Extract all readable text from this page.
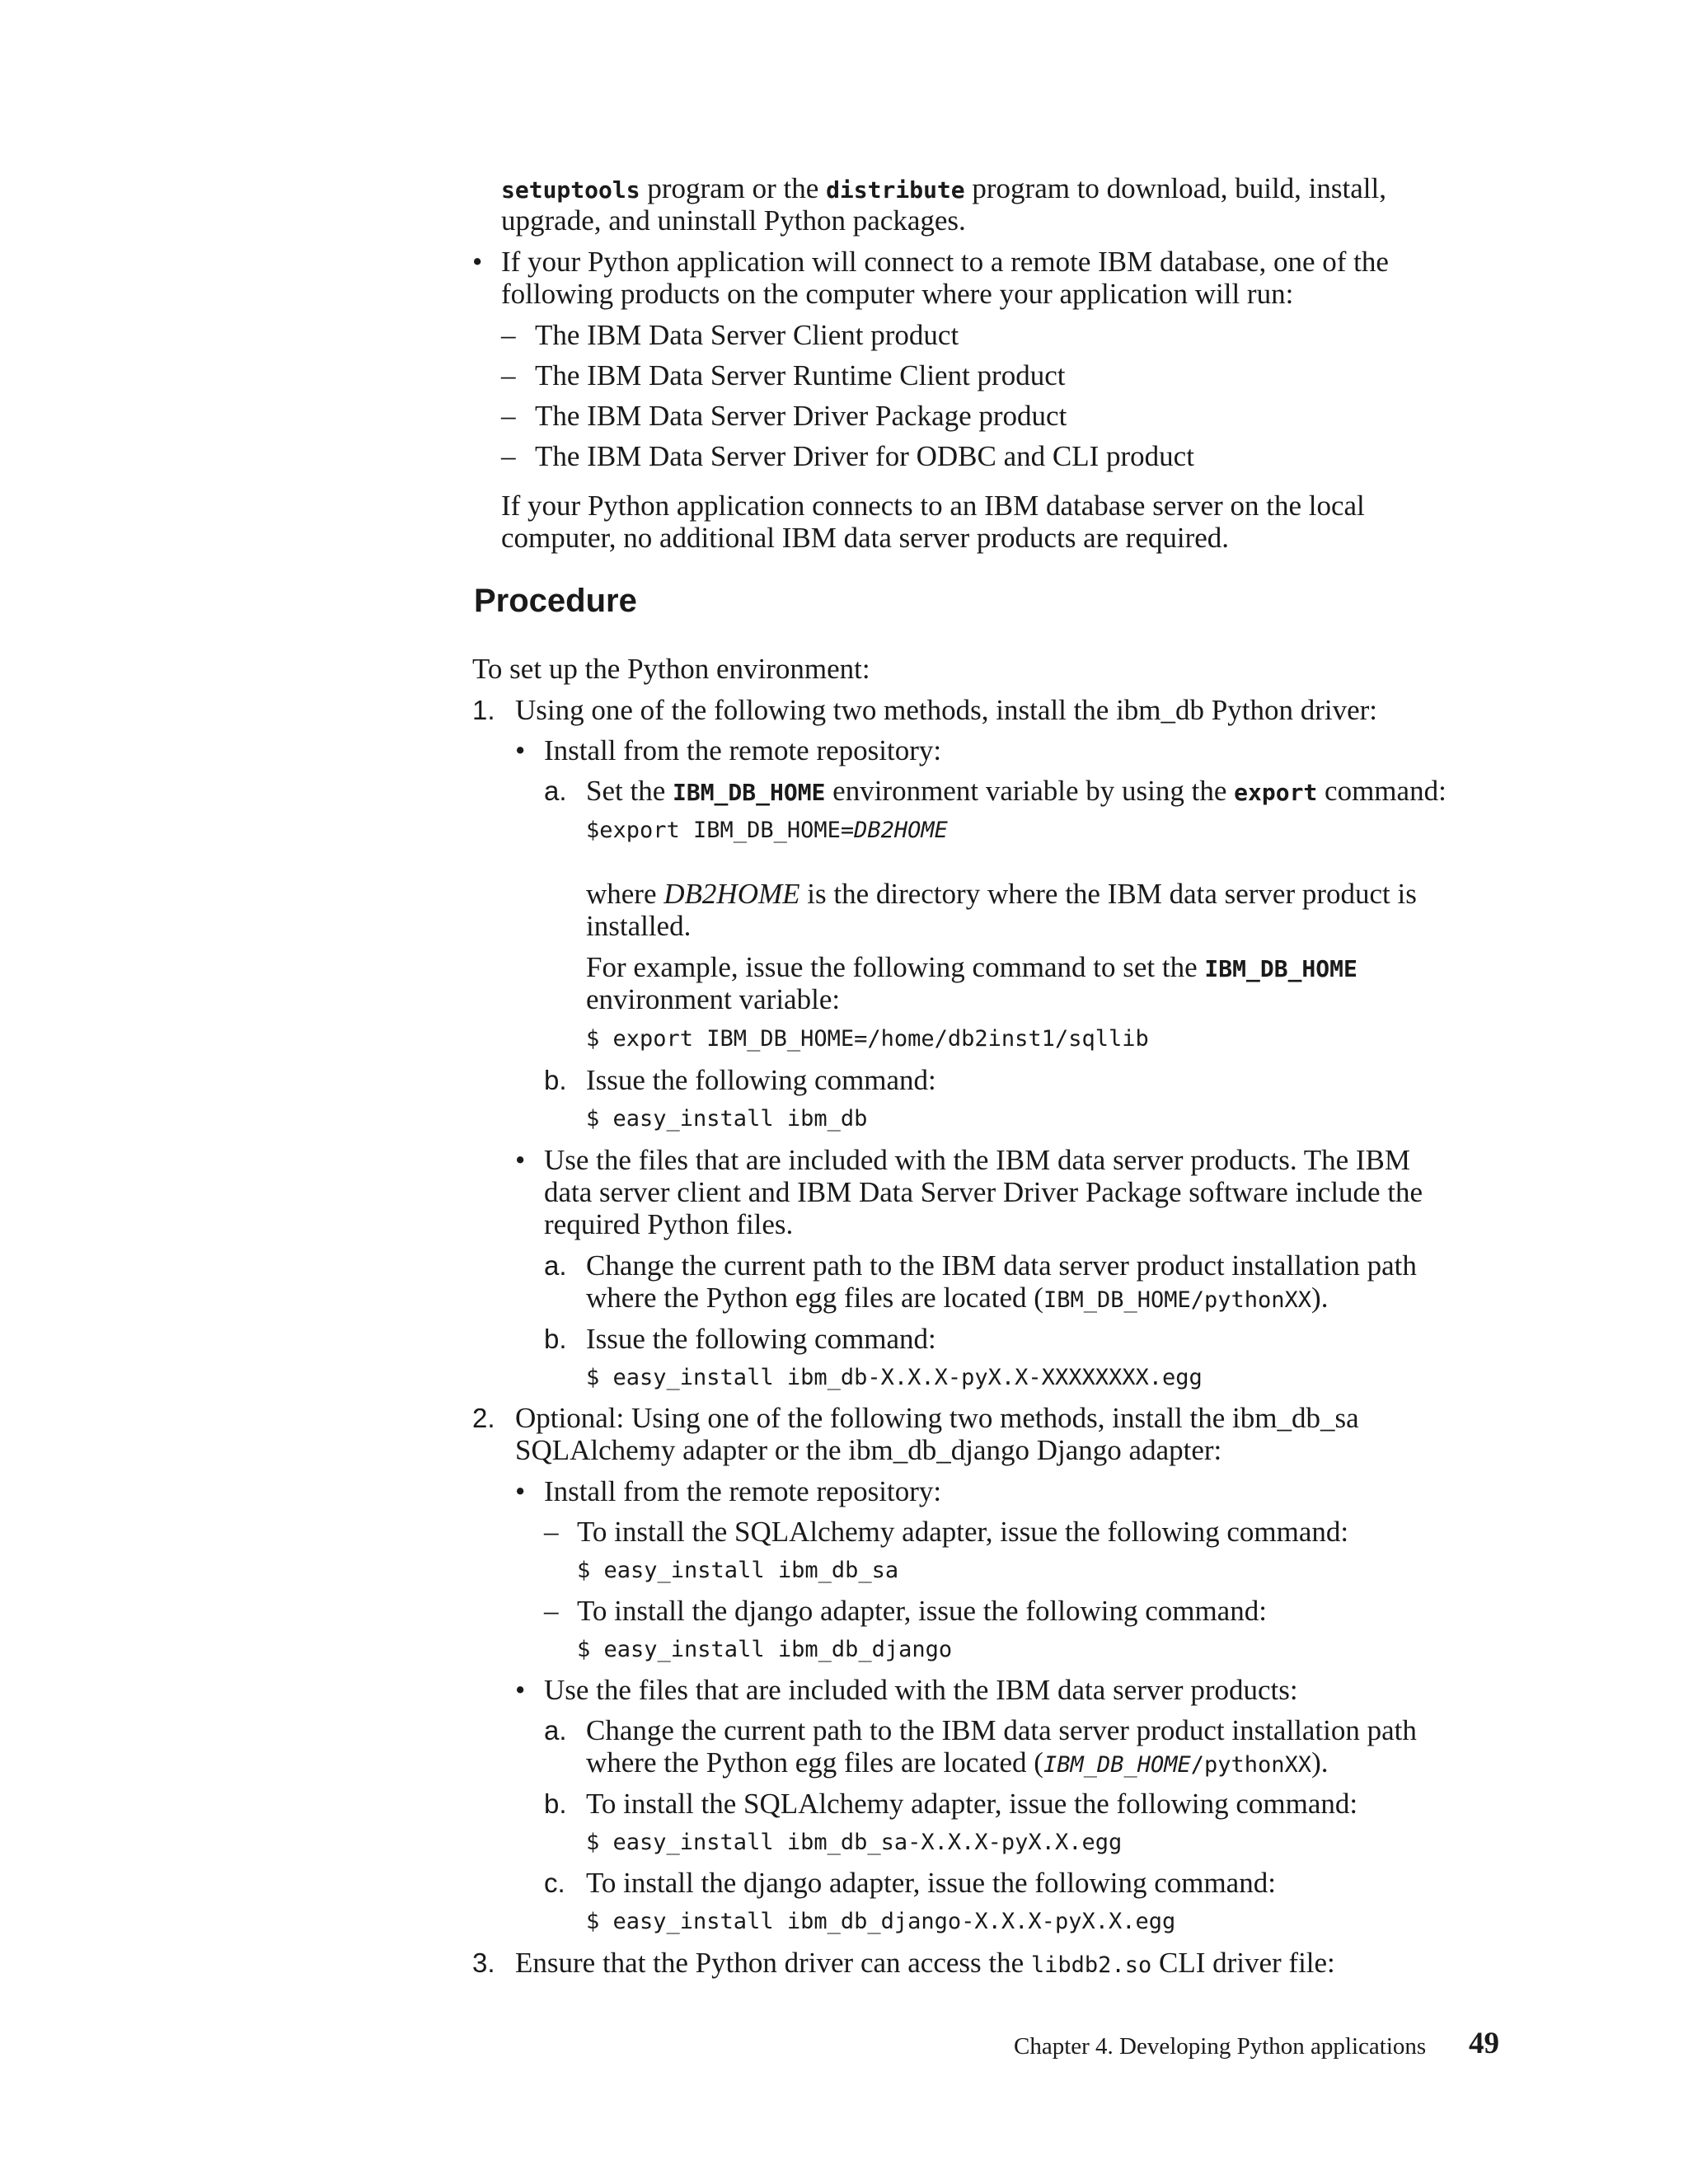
setuptools program or the distribute program to download, build, install,

upgrade, and uninstall Python packages.

• If your Python application will connect to a remote IBM database, one of the

following products on the computer where your application will run:

– The IBM Data Server Client product

– The IBM Data Server Runtime Client product

– The IBM Data Server Driver Package product

– The IBM Data Server Driver for ODBC and CLI product

If your Python application connects to an IBM database server on the local

computer, no additional IBM data server products are required.

Procedure

To set up the Python environment:

1. Using one of the following two methods, install the ibm_db Python driver:

• Install from the remote repository:

a. Set the IBM_DB_HOME environment variable by using the export command:

$export IBM_DB_HOME=DB2HOME

where DB2HOME is the directory where the IBM data server product is

installed.

For example, issue the following command to set the IBM_DB_HOME

environment variable:

$ export IBM_DB_HOME=/home/db2inst1/sqllib

b. Issue the following command:

$ easy_install ibm_db

• Use the files that are included with the IBM data server products. The IBM

data server client and IBM Data Server Driver Package software include the

required Python files.

a. Change the current path to the IBM data server product installation path

where the Python egg files are located (IBM_DB_HOME/pythonXX).

b. Issue the following command:

$ easy_install ibm_db-X.X.X-pyX.X-XXXXXXXX.egg

2. Optional: Using one of the following two methods, install the ibm_db_sa

SQLAlchemy adapter or the ibm_db_django Django adapter:

• Install from the remote repository:

– To install the SQLAlchemy adapter, issue the following command:

$ easy_install ibm_db_sa

– To install the django adapter, issue the following command:

$ easy_install ibm_db_django

• Use the files that are included with the IBM data server products:

a. Change the current path to the IBM data server product installation path

where the Python egg files are located (IBM_DB_HOME/pythonXX).

b. To install the SQLAlchemy adapter, issue the following command:

$ easy_install ibm_db_sa-X.X.X-pyX.X.egg

c. To install the django adapter, issue the following command:

$ easy_install ibm_db_django-X.X.X-pyX.X.egg

3. Ensure that the Python driver can access the libdb2.so CLI driver file:

Chapter 4. Developing Python applications 49
